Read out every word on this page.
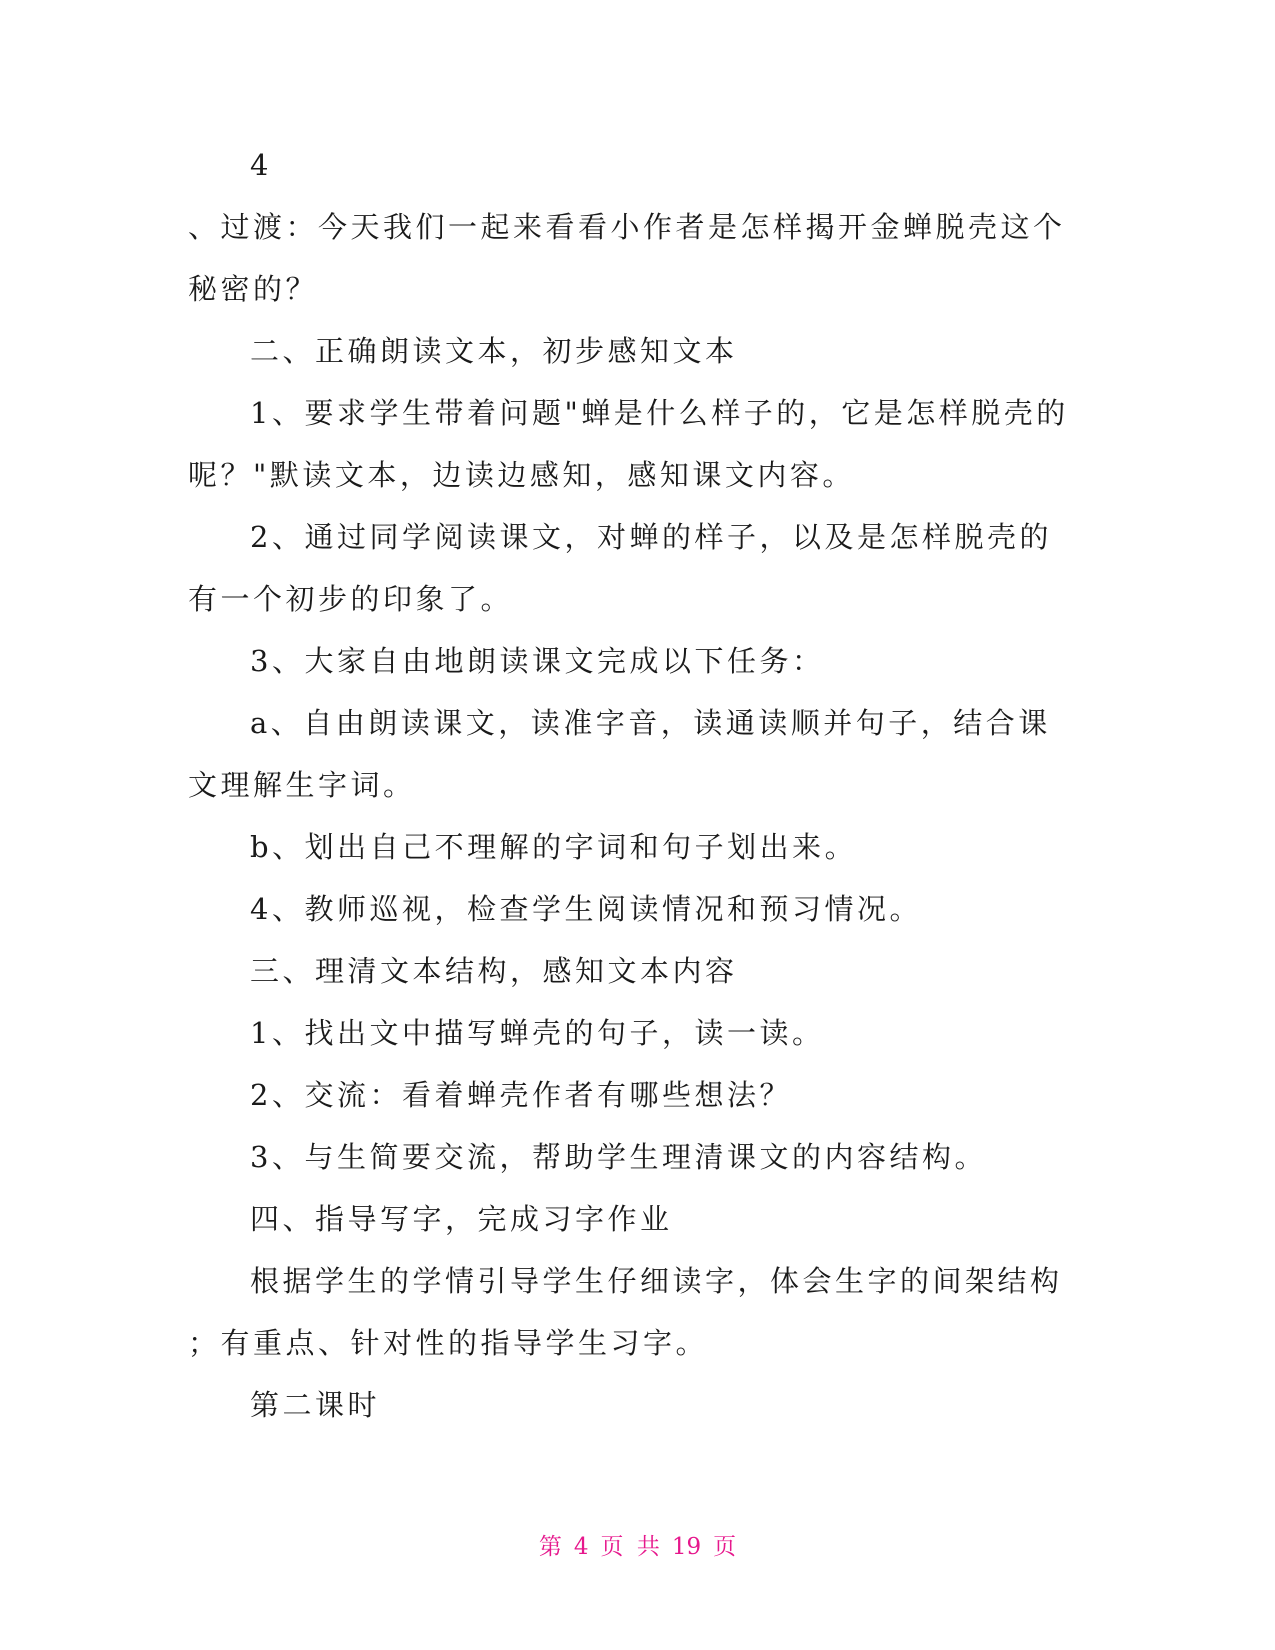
4
、过渡：今天我们一起来看看小作者是怎样揭开金蝉脱壳这个
秘密的？
二、正确朗读文本，初步感知文本
1、要求学生带着问题"蝉是什么样子的，它是怎样脱壳的
呢？"默读文本，边读边感知，感知课文内容。
2、通过同学阅读课文，对蝉的样子，以及是怎样脱壳的
有一个初步的印象了。
3、大家自由地朗读课文完成以下任务：
a、自由朗读课文，读准字音，读通读顺并句子，结合课
文理解生字词。
b、划出自己不理解的字词和句子划出来。
4、教师巡视，检查学生阅读情况和预习情况。
三、理清文本结构，感知文本内容
1、找出文中描写蝉壳的句子，读一读。
2、交流：看着蝉壳作者有哪些想法？
3、与生简要交流，帮助学生理清课文的内容结构。
四、指导写字，完成习字作业
根据学生的学情引导学生仔细读字，体会生字的间架结构
；有重点、针对性的指导学生习字。
第二课时
第 4 页 共 19 页
